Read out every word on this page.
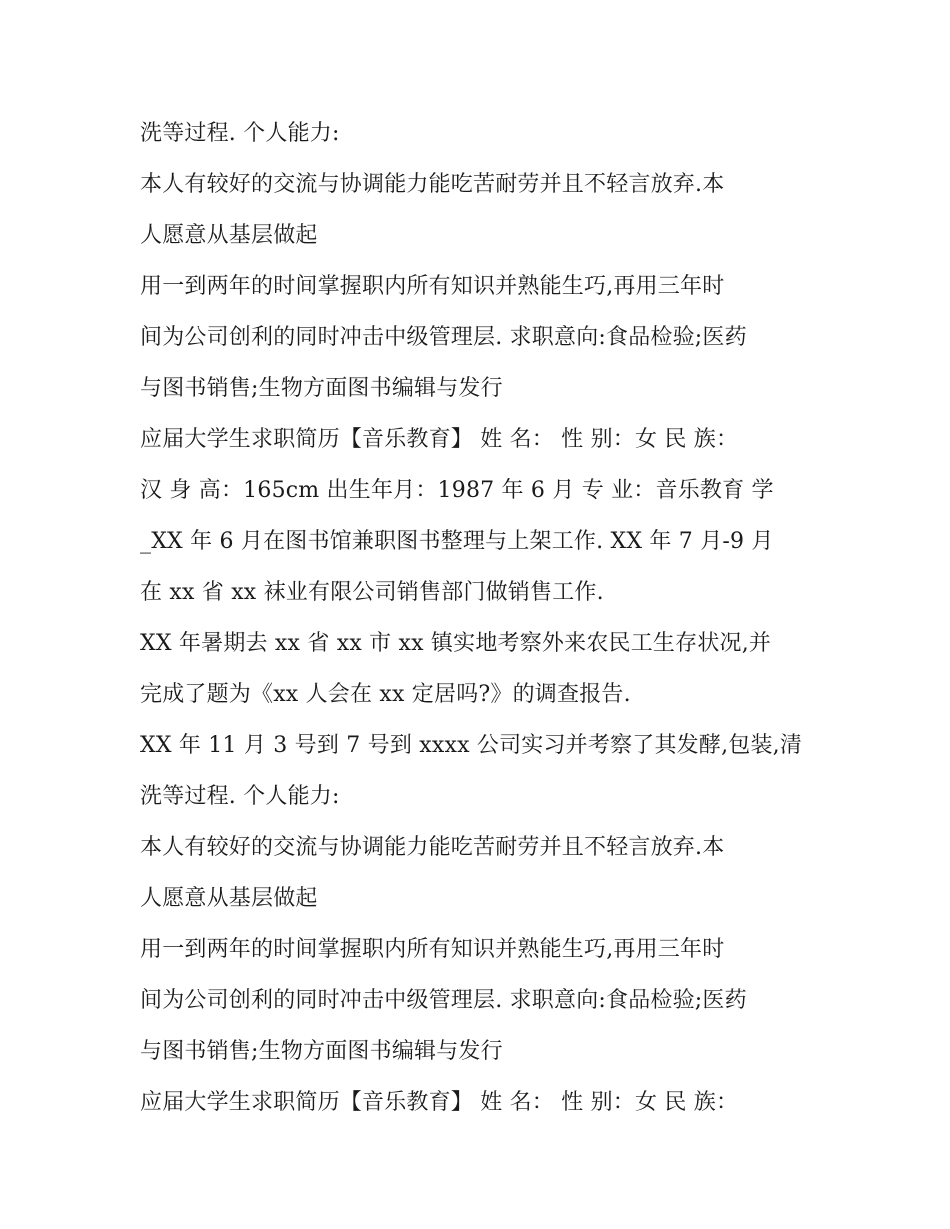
洗等过程. 个人能力:
本人有较好的交流与协调能力能吃苦耐劳并且不轻言放弃.本
人愿意从基层做起
用一到两年的时间掌握职内所有知识并熟能生巧,再用三年时
间为公司创利的同时冲击中级管理层. 求职意向:食品检验;医药
与图书销售;生物方面图书编辑与发行
应届大学生求职简历【音乐教育】 姓 名： 性 别：女 民 族：
汉 身 高：165cm 出生年月：1987 年 6 月 专 业：音乐教育 学
_XX 年 6 月在图书馆兼职图书整理与上架工作. XX 年 7 月-9 月
在 xx 省 xx 袜业有限公司销售部门做销售工作.
XX 年暑期去 xx 省 xx 市 xx 镇实地考察外来农民工生存状况,并
完成了题为《xx 人会在 xx 定居吗?》的调查报告.
XX 年 11 月 3 号到 7 号到 xxxx 公司实习并考察了其发酵,包装,清
洗等过程. 个人能力:
本人有较好的交流与协调能力能吃苦耐劳并且不轻言放弃.本
人愿意从基层做起
用一到两年的时间掌握职内所有知识并熟能生巧,再用三年时
间为公司创利的同时冲击中级管理层. 求职意向:食品检验;医药
与图书销售;生物方面图书编辑与发行
应届大学生求职简历【音乐教育】 姓 名： 性 别：女 民 族：
